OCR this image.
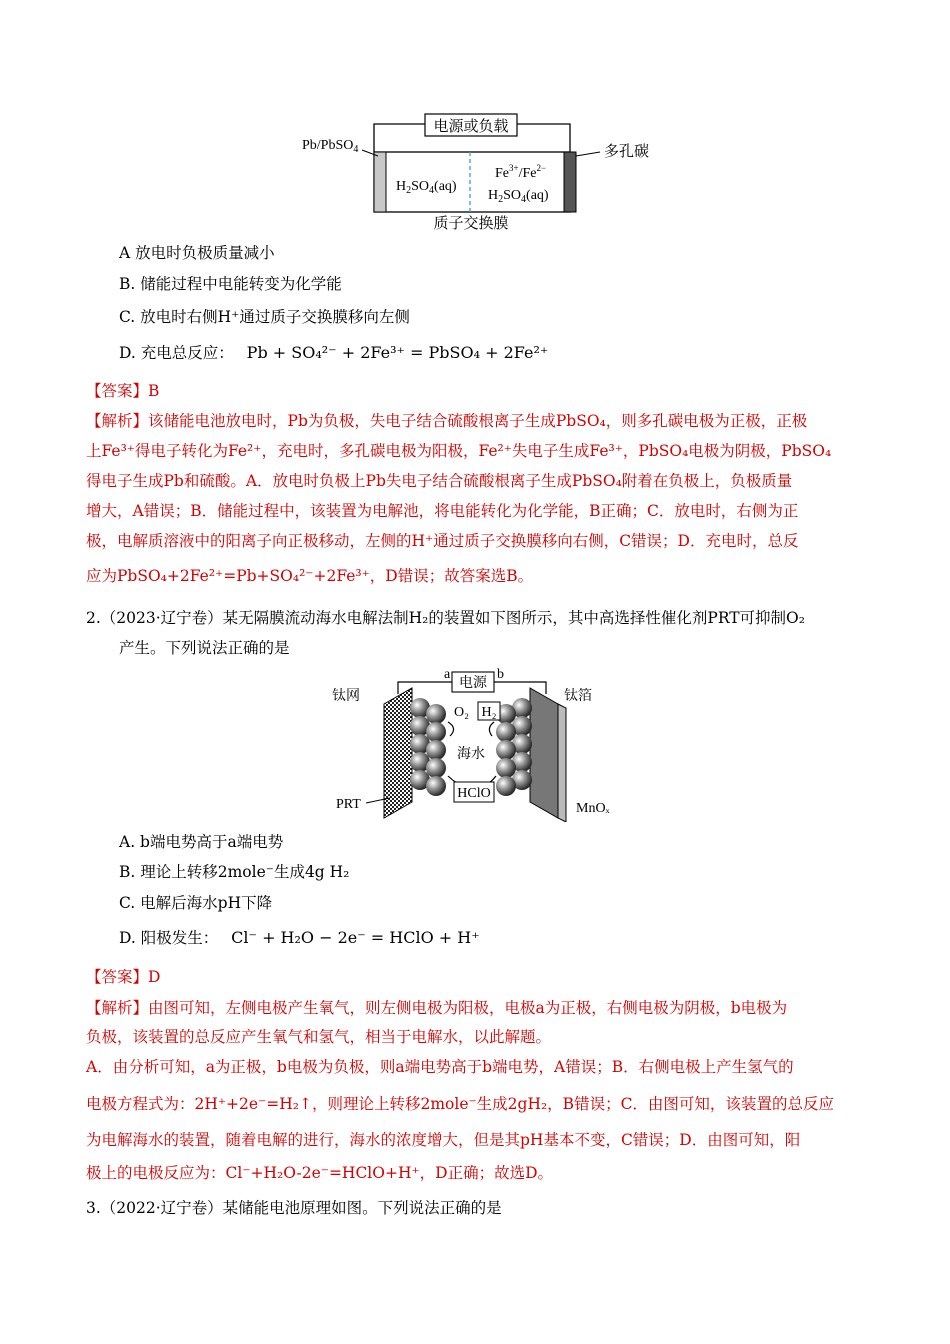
电源或负载
Pb/PbSO$_4$	多孔碳
$H_2SO_4(aq)$
$Fe^{3+}/Fe^{2-}$
$H_2SO_4(aq)$
质子交换膜
A 放电时负极质量减小
B. 储能过程中电能转变为化学能
C. 放电时右侧H⁺通过质子交换膜移向左侧
D. 充电总反应： Pb + SO₄²⁻ + 2Fe³⁺ = PbSO₄ + 2Fe²⁺
【答案】B
【解析】该储能电池放电时，Pb为负极，失电子结合硫酸根离子生成PbSO₄，则多孔碳电极为正极，正极
上Fe³⁺得电子转化为Fe²⁺，充电时，多孔碳电极为阳极，Fe²⁺失电子生成Fe³⁺，PbSO₄电极为阴极，PbSO₄
得电子生成Pb和硫酸。A．放电时负极上Pb失电子结合硫酸根离子生成PbSO₄附着在负极上，负极质量
增大，A错误；B．储能过程中，该装置为电解池，将电能转化为化学能，B正确；C．放电时，右侧为正
极，电解质溶液中的阳离子向正极移动，左侧的H⁺通过质子交换膜移向右侧，C错误；D．充电时，总反
应为PbSO₄+2Fe²⁺=Pb+SO₄²⁻+2Fe³⁺，D错误；故答案选B。
2.（2023·辽宁卷）某无隔膜流动海水电解法制H₂的装置如下图所示，其中高选择性催化剂PRT可抑制O₂
产生。下列说法正确的是
电源
a	b
钛网	钛箔
O₂ H₂
海水
HClO
PRT	MnOₓ
A. b端电势高于a端电势
B. 理论上转移2mole⁻生成4g H₂
C. 电解后海水pH下降
D. 阳极发生： Cl⁻ + H₂O − 2e⁻ = HClO + H⁺
【答案】D
【解析】由图可知，左侧电极产生氧气，则左侧电极为阳极，电极a为正极，右侧电极为阴极，b电极为
负极，该装置的总反应产生氧气和氢气，相当于电解水，以此解题。
A．由分析可知，a为正极，b电极为负极，则a端电势高于b端电势，A错误；B．右侧电极上产生氢气的
电极方程式为：2H⁺+2e⁻=H₂↑，则理论上转移2mole⁻生成2gH₂，B错误；C．由图可知，该装置的总反应
为电解海水的装置，随着电解的进行，海水的浓度增大，但是其pH基本不变，C错误；D．由图可知，阳
极上的电极反应为：Cl⁻+H₂O-2e⁻=HClO+H⁺，D正确；故选D。
3.（2022·辽宁卷）某储能电池原理如图。下列说法正确的是
